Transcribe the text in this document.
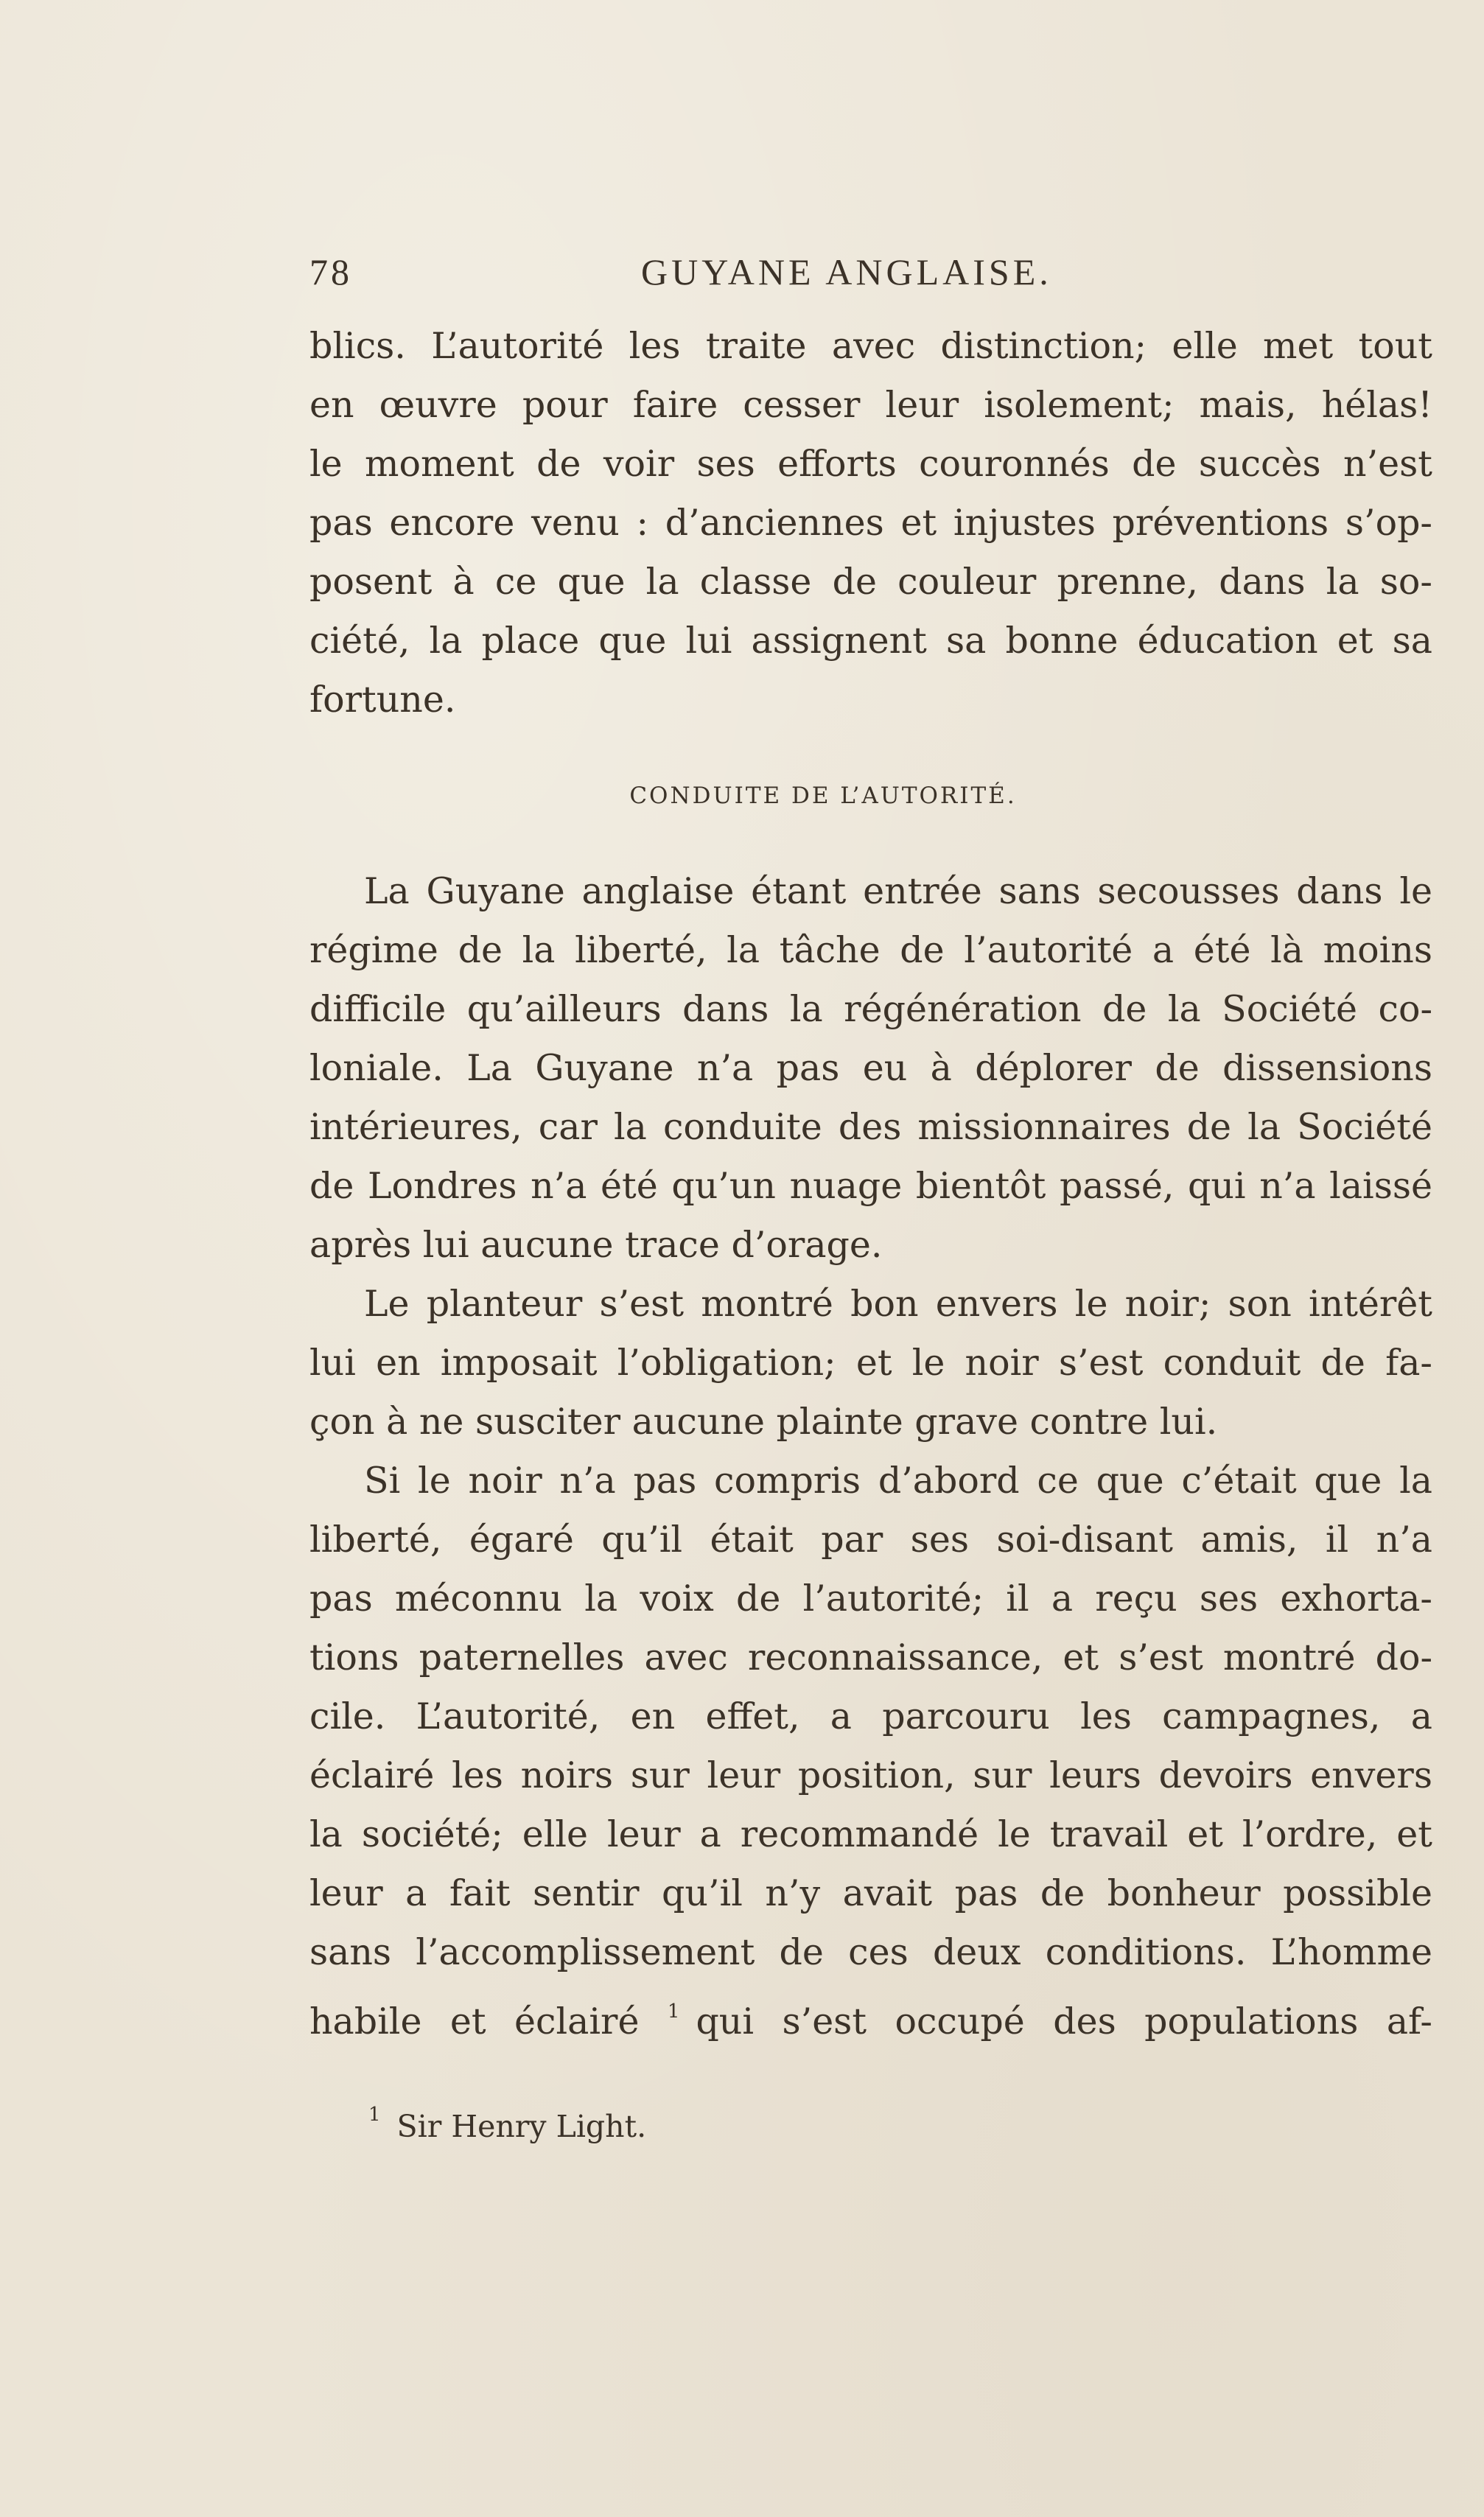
78	GUYANE ANGLAISE.
blics. L’autorité les traite avec distinction; elle met tout
en œuvre pour faire cesser leur isolement; mais, hélas!
le moment de voir ses efforts couronnés de succès n’est
pas encore venu : d’anciennes et injustes préventions s’op-
posent à ce que la classe de couleur prenne, dans la so-
ciété, la place que lui assignent sa bonne éducation et sa
fortune.
CONDUITE DE L’AUTORITÉ.
La Guyane anglaise étant entrée sans secousses dans le
régime de la liberté, la tâche de l’autorité a été là moins
difficile qu’ailleurs dans la régénération de la Société co-
loniale. La Guyane n’a pas eu à déplorer de dissensions
intérieures, car la conduite des missionnaires de la Société
de Londres n’a été qu’un nuage bientôt passé, qui n’a laissé
après lui aucune trace d’orage.
Le planteur s’est montré bon envers le noir; son intérêt
lui en imposait l’obligation; et le noir s’est conduit de fa-
çon à ne susciter aucune plainte grave contre lui.
Si le noir n’a pas compris d’abord ce que c’était que la
liberté, égaré qu’il était par ses soi-disant amis, il n’a
pas méconnu la voix de l’autorité; il a reçu ses exhorta-
tions paternelles avec reconnaissance, et s’est montré do-
cile. L’autorité, en effet, a parcouru les campagnes, a
éclairé les noirs sur leur position, sur leurs devoirs envers
la société; elle leur a recommandé le travail et l’ordre, et
leur a fait sentir qu’il n’y avait pas de bonheur possible
sans l’accomplissement de ces deux conditions. L’homme
habile et éclairé $^1$ qui s’est occupé des populations af-
$^1$ Sir Henry Light.
